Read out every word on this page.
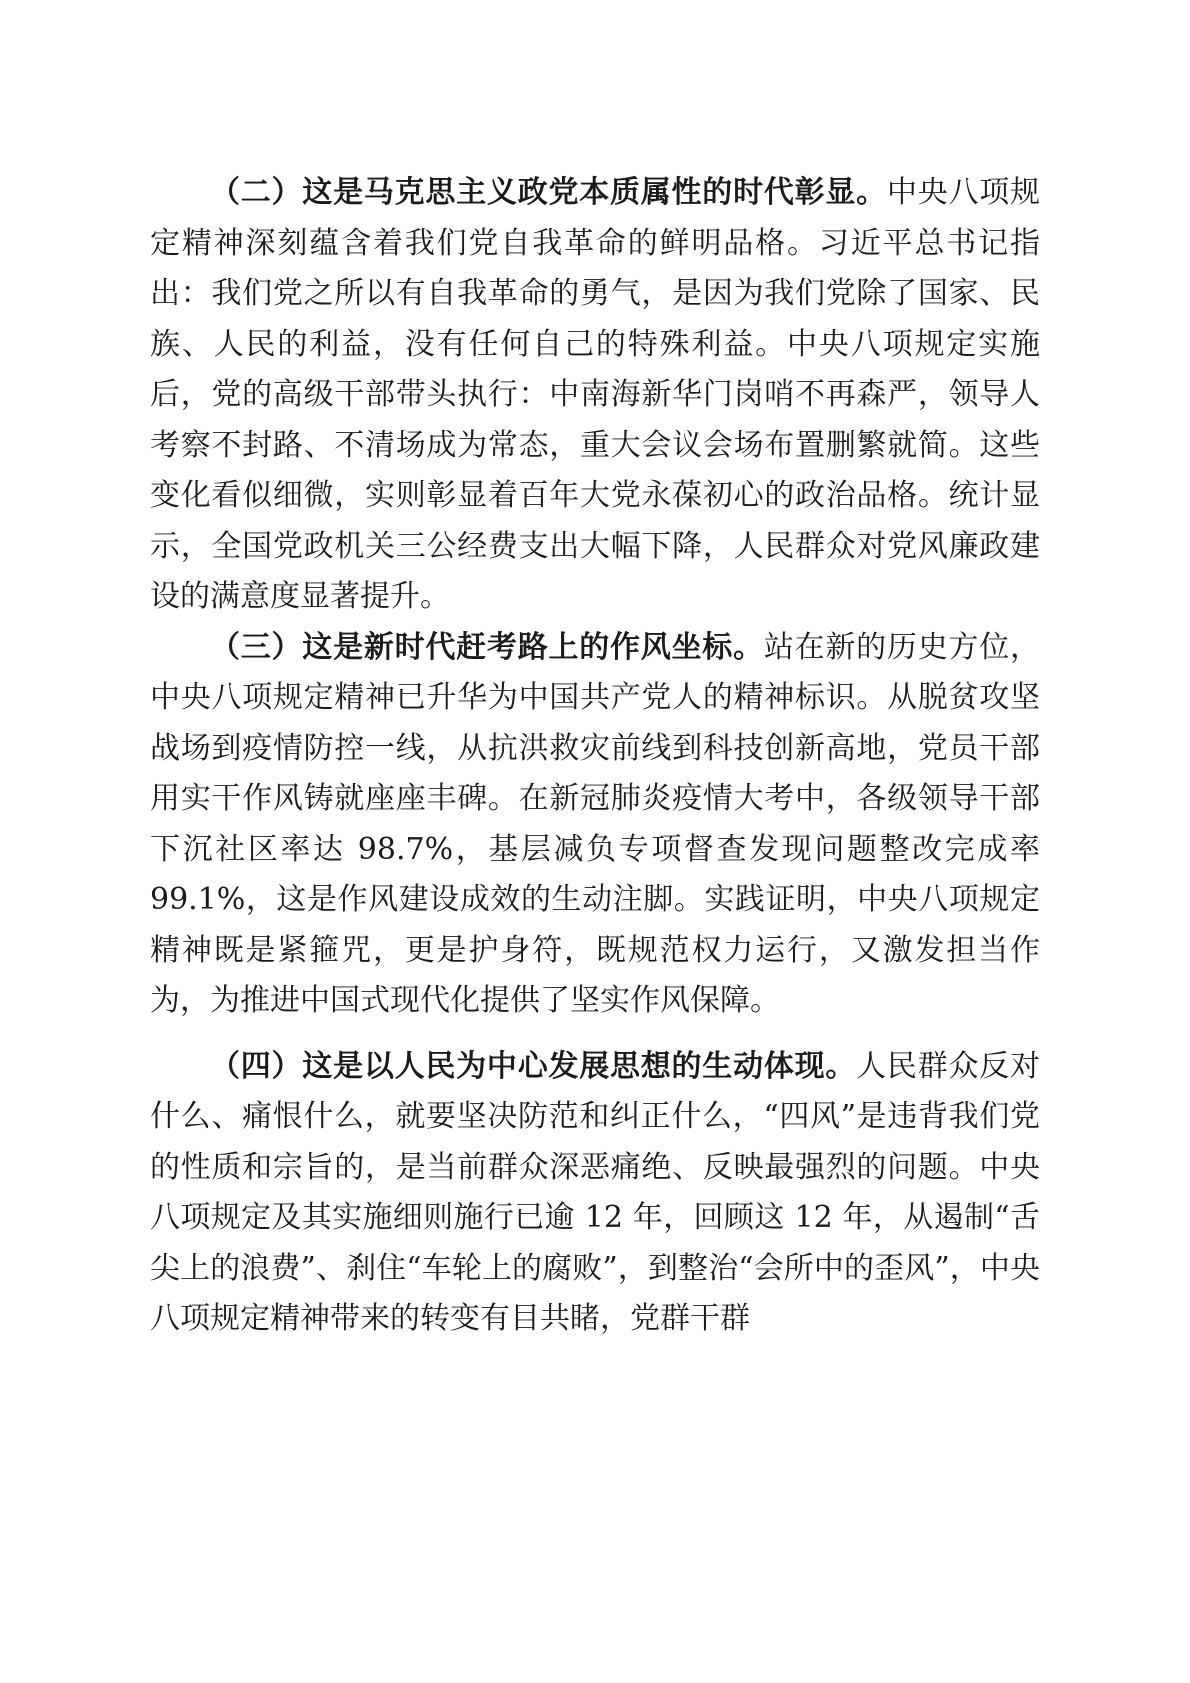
（二）这是马克思主义政党本质属性的时代彰显。中央八项规定精神深刻蕴含着我们党自我革命的鲜明品格。习近平总书记指出：我们党之所以有自我革命的勇气，是因为我们党除了国家、民族、人民的利益，没有任何自己的特殊利益。中央八项规定实施后，党的高级干部带头执行：中南海新华门岗哨不再森严，领导人考察不封路、不清场成为常态，重大会议会场布置删繁就简。这些变化看似细微，实则彰显着百年大党永葆初心的政治品格。统计显示，全国党政机关三公经费支出大幅下降，人民群众对党风廉政建设的满意度显著提升。

（三）这是新时代赶考路上的作风坐标。站在新的历史方位，中央八项规定精神已升华为中国共产党人的精神标识。从脱贫攻坚战场到疫情防控一线，从抗洪救灾前线到科技创新高地，党员干部用实干作风铸就座座丰碑。在新冠肺炎疫情大考中，各级领导干部下沉社区率达 98.7%，基层减负专项督查发现问题整改完成率 99.1%，这是作风建设成效的生动注脚。实践证明，中央八项规定精神既是紧箍咒，更是护身符，既规范权力运行，又激发担当作为，为推进中国式现代化提供了坚实作风保障。

（四）这是以人民为中心发展思想的生动体现。人民群众反对什么、痛恨什么，就要坚决防范和纠正什么，“四风”是违背我们党的性质和宗旨的，是当前群众深恶痛绝、反映最强烈的问题。中央八项规定及其实施细则施行已逾 12 年，回顾这 12 年，从遏制“舌尖上的浪费”、刹住“车轮上的腐败”，到整治“会所中的歪风”，中央八项规定精神带来的转变有目共睹，党群干群
